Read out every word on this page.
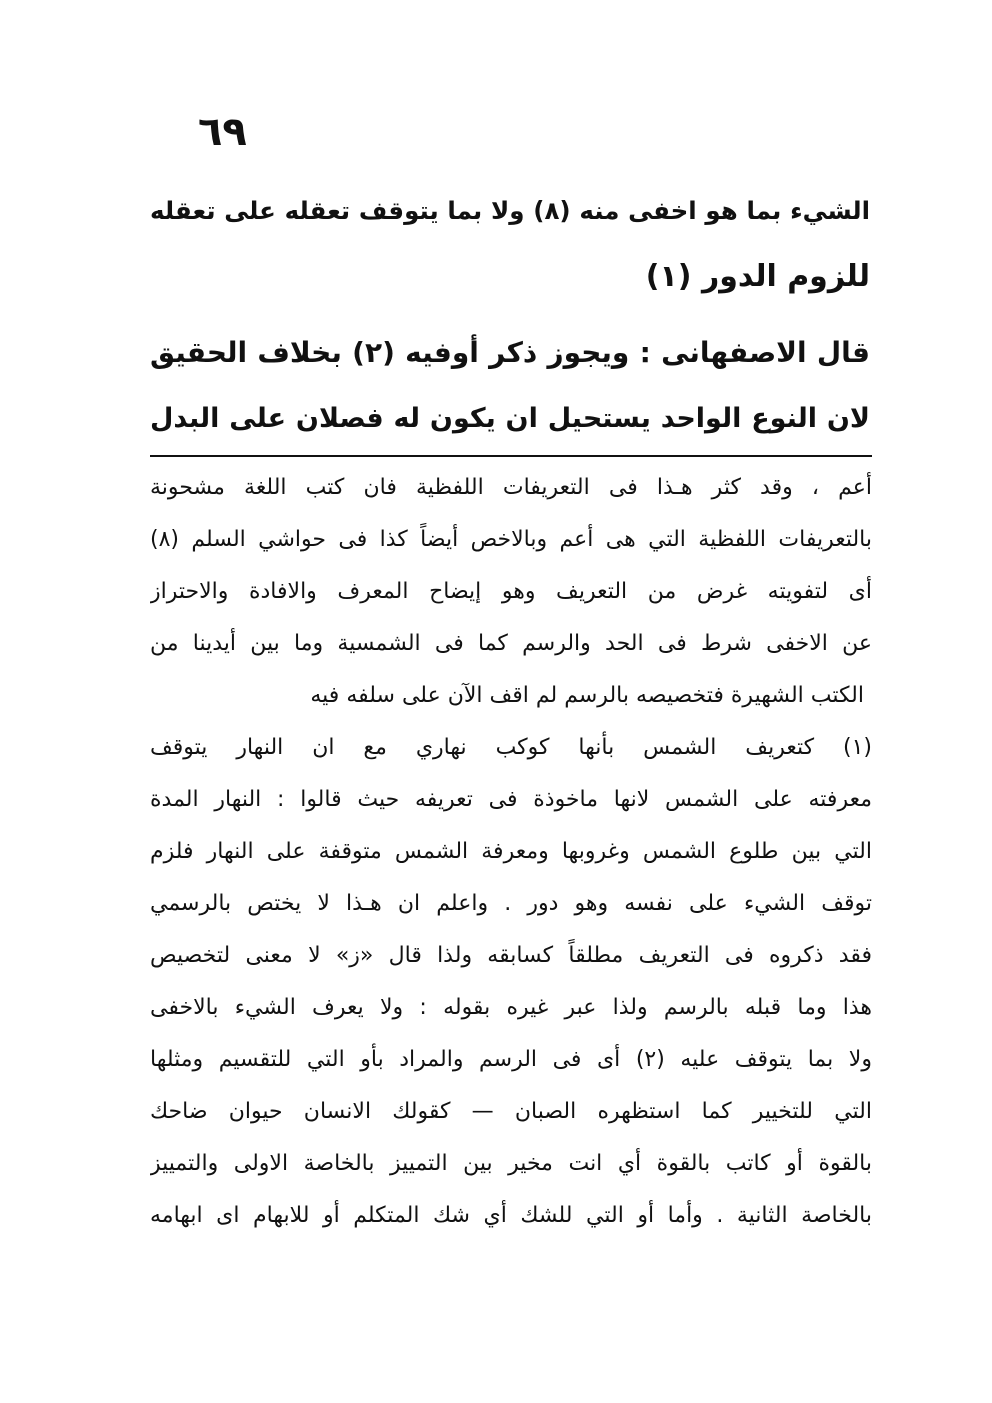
٦٩
الشيء بما هو اخفى منه (٨) ولا بما يتوقف تعقله على تعقله
للزوم الدور (١)
قال الاصفهانى : ويجوز ذكر أوفيه (٢) بخلاف الحقيق
لان النوع الواحد يستحيل ان يكون له فصلان على البدل
أعم ، وقد كثر هـذا فى التعريفات اللفظية فان كتب اللغة مشحونة
بالتعريفات اللفظية التي هى أعم وبالاخص أيضاً كذا فى حواشي السلم (٨)
أى لتفويته غرض من التعريف وهو إيضاح المعرف والافادة والاحتراز
عن الاخفى شرط فى الحد والرسم كما فى الشمسية وما بين أيدينا من
الكتب الشهيرة فتخصيصه بالرسم لم اقف الآن على سلفه فيه
(١) كتعريف الشمس بأنها كوكب نهاري مع ان النهار يتوقف
معرفته على الشمس لانها ماخوذة فى تعريفه حيث قالوا : النهار المدة
التي بين طلوع الشمس وغروبها ومعرفة الشمس متوقفة على النهار فلزم
توقف الشيء على نفسه وهو دور . واعلم ان هـذا لا يختص بالرسمي
فقد ذكروه فى التعريف مطلقاً كسابقه ولذا قال «ز» لا معنى لتخصيص
هذا وما قبله بالرسم ولذا عبر غيره بقوله : ولا يعرف الشيء بالاخفى
ولا بما يتوقف عليه (٢) أى فى الرسم والمراد بأو التي للتقسيم ومثلها
التي للتخيير كما استظهره الصبان — كقولك الانسان حيوان ضاحك
بالقوة أو كاتب بالقوة أي انت مخير بين التمييز بالخاصة الاولى والتمييز
بالخاصة الثانية . وأما أو التي للشك أي شك المتكلم أو للابهام اى ابهامه
